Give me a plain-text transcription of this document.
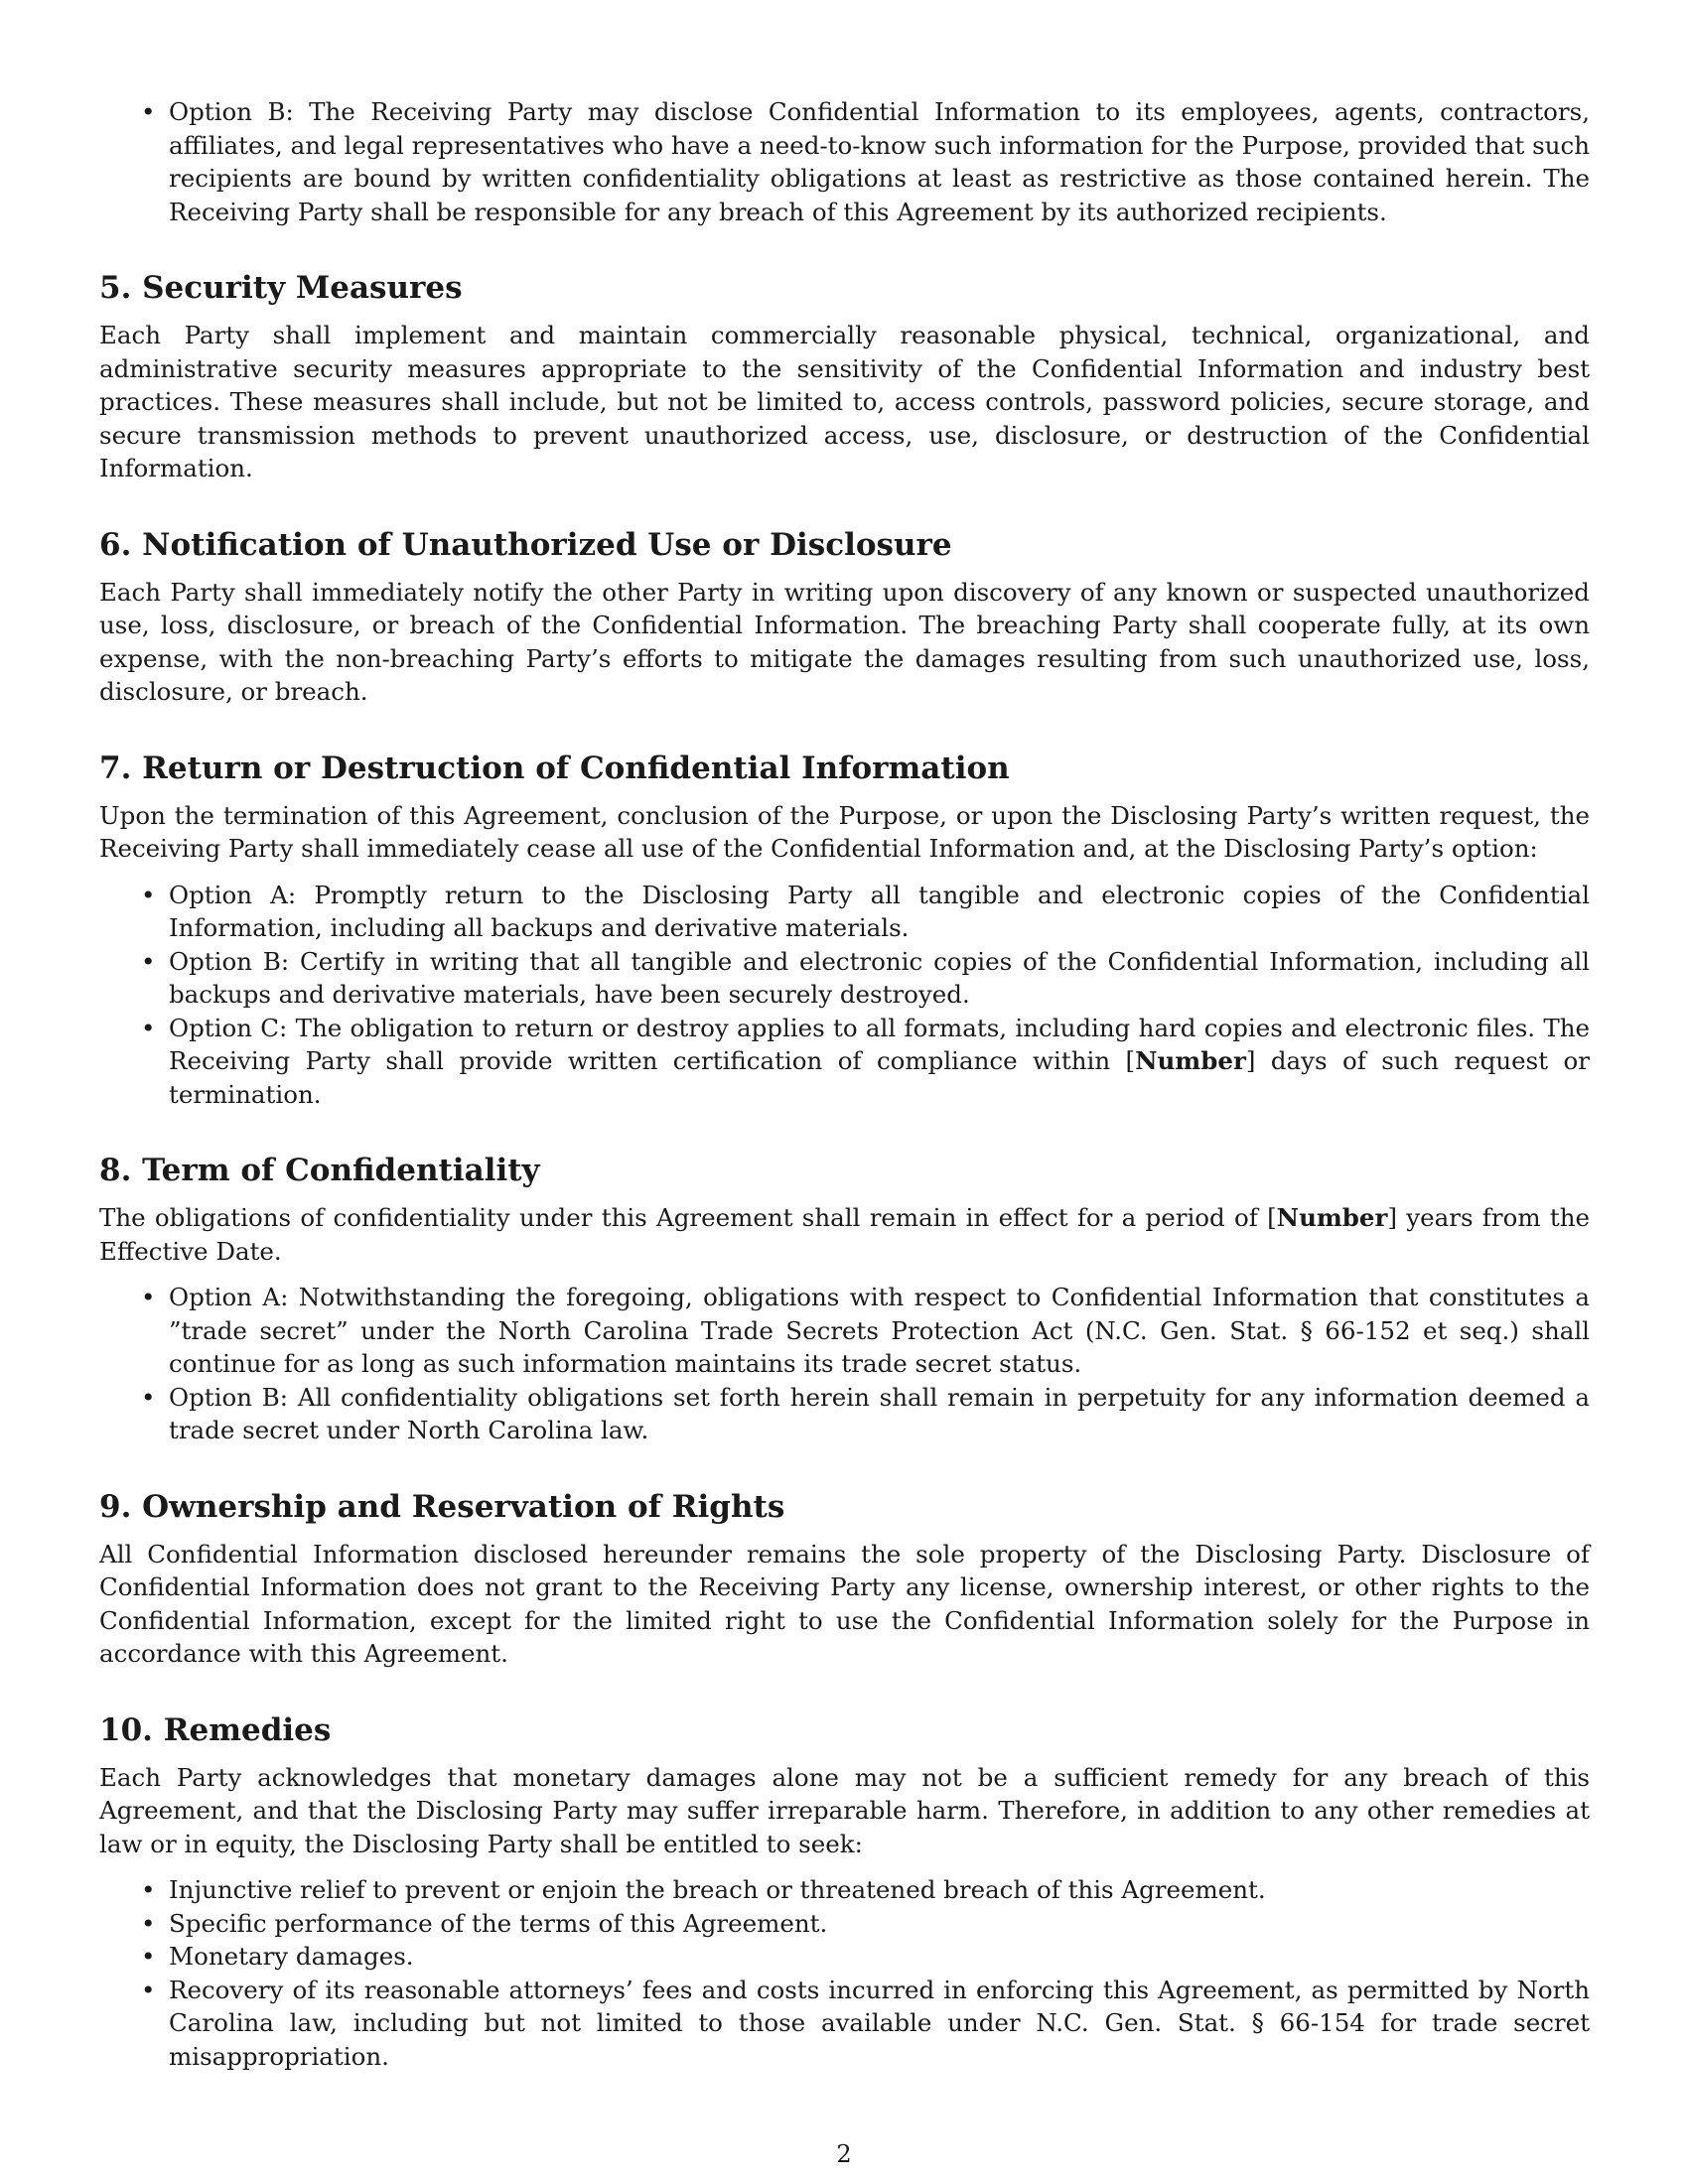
• Option B: The Receiving Party may disclose Confidential Information to its employees, agents, contractors, affiliates, and legal representatives who have a need-to-know such information for the Purpose, provided that such recipients are bound by written confidentiality obligations at least as restrictive as those contained herein. The Receiving Party shall be responsible for any breach of this Agreement by its authorized recipients.
5. Security Measures

Each Party shall implement and maintain commercially reasonable physical, technical, organizational, and administrative security measures appropriate to the sensitivity of the Confidential Information and industry best practices. These measures shall include, but not be limited to, access controls, password policies, secure storage, and secure transmission methods to prevent unauthorized access, use, disclosure, or destruction of the Confidential Information.

6. Notification of Unauthorized Use or Disclosure

Each Party shall immediately notify the other Party in writing upon discovery of any known or suspected unauthorized use, loss, disclosure, or breach of the Confidential Information. The breaching Party shall cooperate fully, at its own expense, with the non-breaching Party’s efforts to mitigate the damages resulting from such unauthorized use, loss, disclosure, or breach.

7. Return or Destruction of Confidential Information

Upon the termination of this Agreement, conclusion of the Purpose, or upon the Disclosing Party’s written request, the Receiving Party shall immediately cease all use of the Confidential Information and, at the Disclosing Party’s option:

• Option A: Promptly return to the Disclosing Party all tangible and electronic copies of the Confidential Information, including all backups and derivative materials.
• Option B: Certify in writing that all tangible and electronic copies of the Confidential Information, including all backups and derivative materials, have been securely destroyed.
• Option C: The obligation to return or destroy applies to all formats, including hard copies and electronic files. The Receiving Party shall provide written certification of compliance within [Number] days of such request or termination.
8. Term of Confidentiality

The obligations of confidentiality under this Agreement shall remain in effect for a period of [Number] years from the Effective Date.

• Option A: Notwithstanding the foregoing, obligations with respect to Confidential Information that constitutes a ”trade secret” under the North Carolina Trade Secrets Protection Act (N.C. Gen. Stat. § 66-152 et seq.) shall continue for as long as such information maintains its trade secret status.
• Option B: All confidentiality obligations set forth herein shall remain in perpetuity for any information deemed a trade secret under North Carolina law.
9. Ownership and Reservation of Rights

All Confidential Information disclosed hereunder remains the sole property of the Disclosing Party. Disclosure of Confidential Information does not grant to the Receiving Party any license, ownership interest, or other rights to the Confidential Information, except for the limited right to use the Confidential Information solely for the Purpose in accordance with this Agreement.

10. Remedies

Each Party acknowledges that monetary damages alone may not be a sufficient remedy for any breach of this Agreement, and that the Disclosing Party may suffer irreparable harm. Therefore, in addition to any other remedies at law or in equity, the Disclosing Party shall be entitled to seek:

• Injunctive relief to prevent or enjoin the breach or threatened breach of this Agreement.
• Specific performance of the terms of this Agreement.
• Monetary damages.
• Recovery of its reasonable attorneys’ fees and costs incurred in enforcing this Agreement, as permitted by North Carolina law, including but not limited to those available under N.C. Gen. Stat. § 66-154 for trade secret misappropriation.
2
